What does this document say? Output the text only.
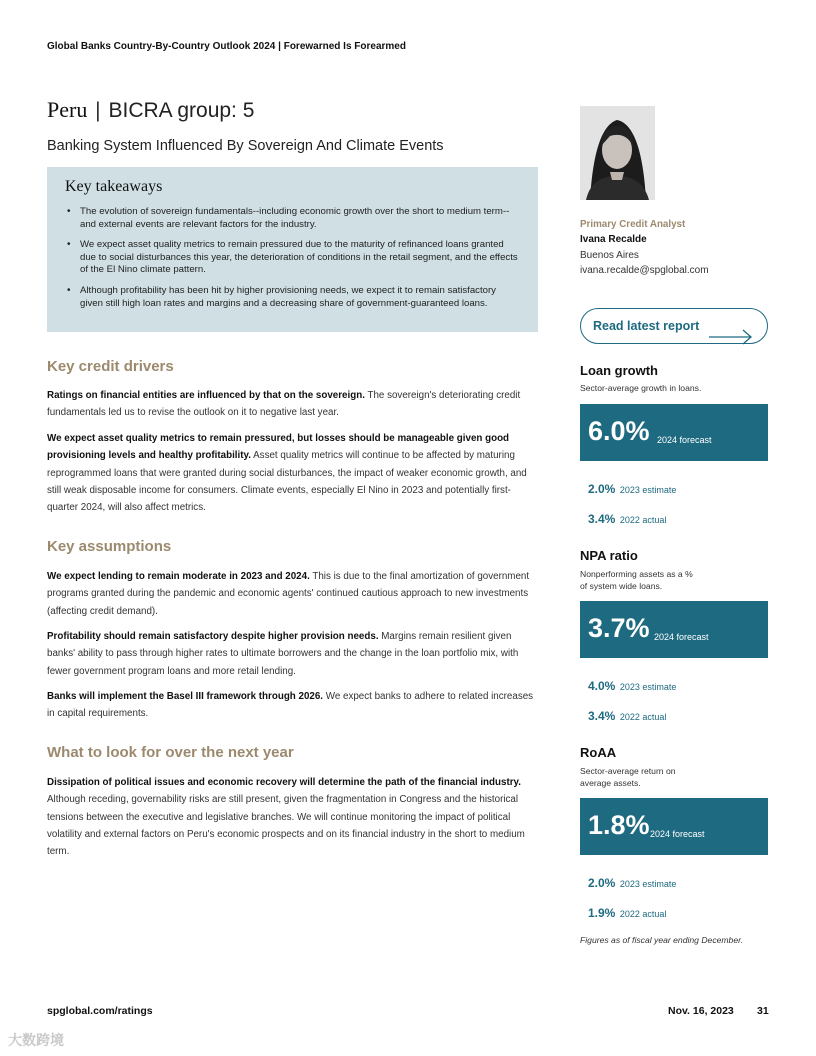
Global Banks Country-By-Country Outlook 2024 | Forewarned Is Forearmed
Peru | BICRA group: 5
Banking System Influenced By Sovereign And Climate Events
Key takeaways
• The evolution of sovereign fundamentals--including economic growth over the short to medium term--and external events are relevant factors for the industry.
• We expect asset quality metrics to remain pressured due to the maturity of refinanced loans granted due to social disturbances this year, the deterioration of conditions in the retail segment, and the effects of the El Nino climate pattern.
• Although profitability has been hit by higher provisioning needs, we expect it to remain satisfactory given still high loan rates and margins and a decreasing share of government-guaranteed loans.
Key credit drivers
Ratings on financial entities are influenced by that on the sovereign. The sovereign's deteriorating credit fundamentals led us to revise the outlook on it to negative last year.
We expect asset quality metrics to remain pressured, but losses should be manageable given good provisioning levels and healthy profitability. Asset quality metrics will continue to be affected by maturing reprogrammed loans that were granted during social disturbances, the impact of weaker economic growth, and still weak disposable income for consumers. Climate events, especially El Nino in 2023 and potentially first-quarter 2024, will also affect metrics.
Key assumptions
We expect lending to remain moderate in 2023 and 2024. This is due to the final amortization of government programs granted during the pandemic and economic agents' continued cautious approach to new investments (affecting credit demand).
Profitability should remain satisfactory despite higher provision needs. Margins remain resilient given banks' ability to pass through higher rates to ultimate borrowers and the change in the loan portfolio mix, with fewer government program loans and more retail lending.
Banks will implement the Basel III framework through 2026. We expect banks to adhere to related increases in capital requirements.
What to look for over the next year
Dissipation of political issues and economic recovery will determine the path of the financial industry. Although receding, governability risks are still present, given the fragmentation in Congress and the historical tensions between the executive and legislative branches. We will continue monitoring the impact of political volatility and external factors on Peru's economic prospects and on its financial industry in the short to medium term.
Primary Credit Analyst
Ivana Recalde
Buenos Aires
ivana.recalde@spglobal.com
Read latest report
Loan growth
Sector-average growth in loans.
6.0% 2024 forecast
2.0% 2023 estimate
3.4% 2022 actual
NPA ratio
Nonperforming assets as a % of system wide loans.
3.7% 2024 forecast
4.0% 2023 estimate
3.4% 2022 actual
RoAA
Sector-average return on average assets.
1.8% 2024 forecast
2.0% 2023 estimate
1.9% 2022 actual
Figures as of fiscal year ending December.
spglobal.com/ratings	Nov. 16, 2023 31
大数跨境
